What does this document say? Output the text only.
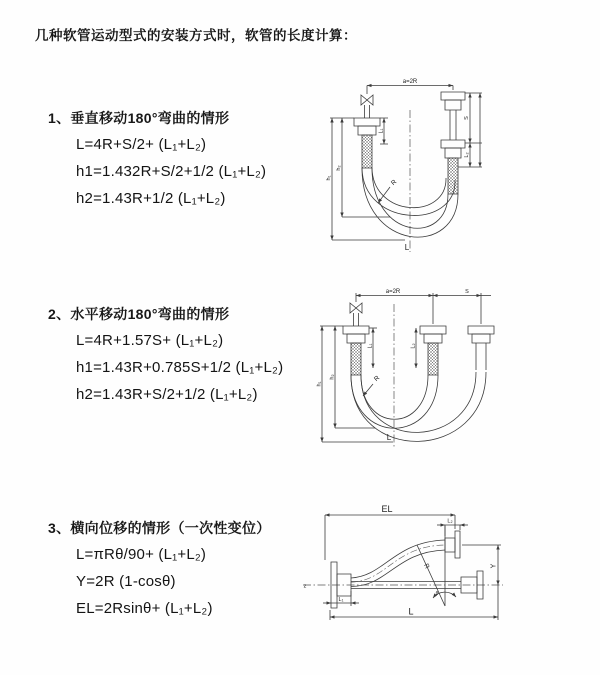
几种软管运动型式的安装方式时，软管的长度计算：
1、垂直移动180°弯曲的情形
L=4R+S/2+ (L₁+L₂)
h1=1.432R+S/2+1/2 (L₁+L₂)
h2=1.43R+1/2 (L₁+L₂)
2、水平移动180°弯曲的情形
L=4R+1.57S+ (L₁+L₂)
h1=1.43R+0.785S+1/2 (L₁+L₂)
h2=1.43R+S/2+1/2 (L₁+L₂)
3、横向位移的情形（一次性变位）
L=πRθ/90+ (L₁+L₂)
Y=2R (1-cosθ)
EL=2Rsinθ+ (L₁+L₂)
a=2R
L₁
S
L₂
h₁
h₂
R
L
a=2R	S
L₁	L₂
h₁
h₂	R
L
EL
L₂
Y
R
θ
L
L₁
z
